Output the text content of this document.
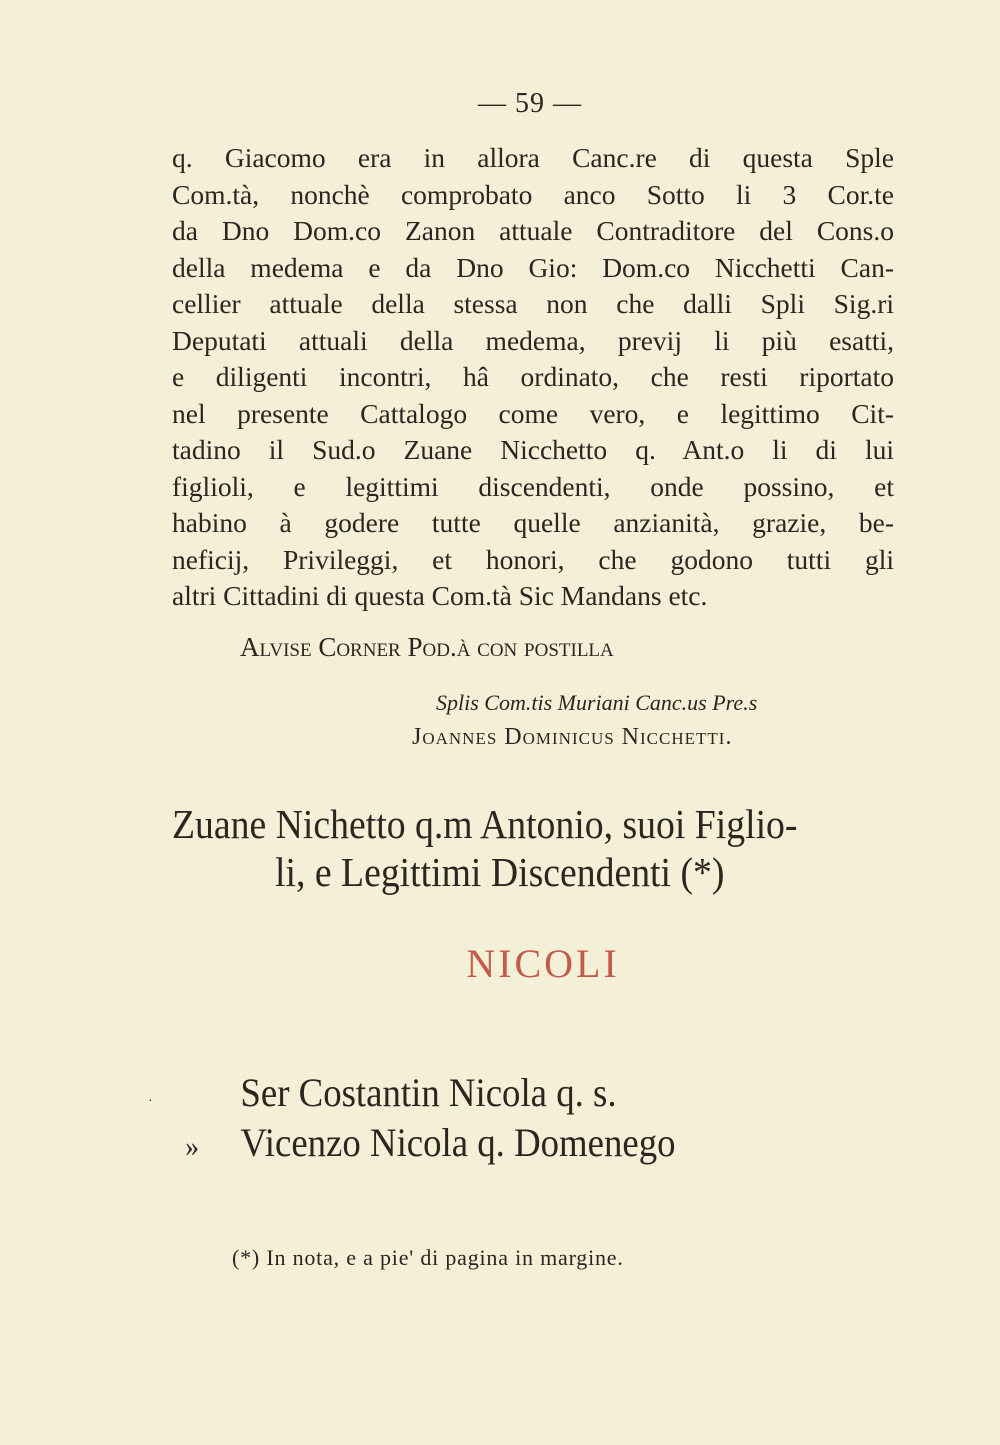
— 59 —
q. Giacomo era in allora Canc.re di questa Sple
Com.tà, nonchè comprobato anco Sotto li 3 Cor.te
da Dno Dom.co Zanon attuale Contraditore del Cons.o
della medema e da Dno Gio: Dom.co Nicchetti Can-
cellier attuale della stessa non che dalli Spli Sig.ri
Deputati attuali della medema, previj li più esatti,
e diligenti incontri, hâ ordinato, che resti riportato
nel presente Cattalogo come vero, e legittimo Cit-
tadino il Sud.o Zuane Nicchetto q. Ant.o li di lui
figlioli, e legittimi discendenti, onde possino, et
habino à godere tutte quelle anzianità, grazie, be-
neficij, Privileggi, et honori, che godono tutti gli
altri Cittadini di questa Com.tà Sic Mandans etc.
Alvise Corner Pod.à con postilla
Splis Com.tis Muriani Canc.us Pre.s
Joannes Dominicus Nicchetti.
Zuane Nichetto q.m Antonio, suoi Figlio-
li, e Legittimi Discendenti (*)
NICOLI
·	Ser Costantin Nicola q. s.
» Vicenzo Nicola q. Domenego
(*) In nota, e a pie' di pagina in margine.
